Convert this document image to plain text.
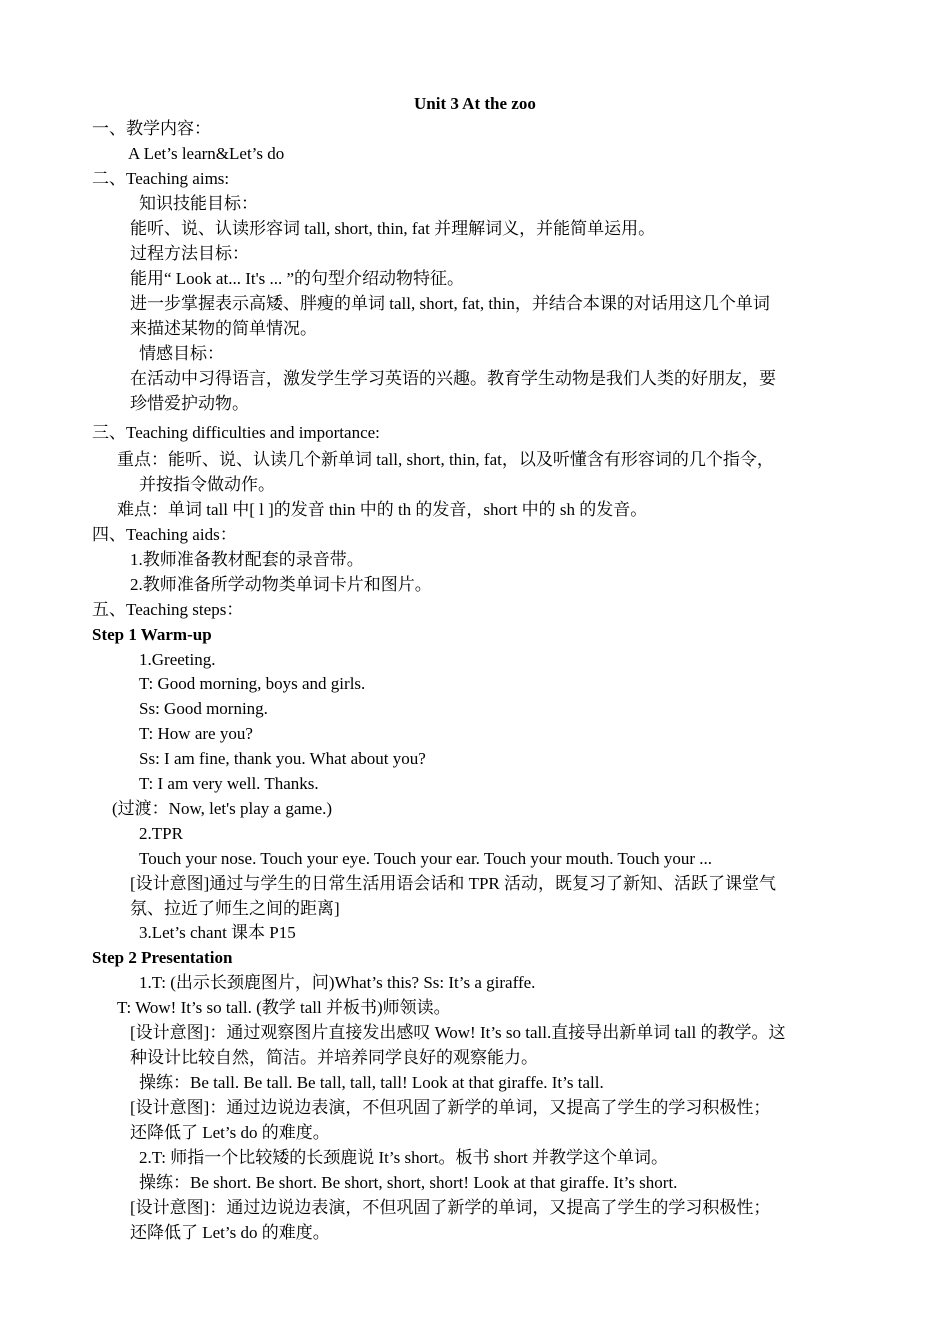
Unit 3 At the zoo
一、教学内容：
A Let’s learn&Let’s do
二、Teaching aims:
知识技能目标：
能听、说、认读形容词 tall, short, thin, fat 并理解词义，并能简单运用。
过程方法目标：
能用“ Look at... It's ... ”的句型介绍动物特征。
进一步掌握表示高矮、胖瘦的单词 tall, short, fat, thin，并结合本课的对话用这几个单词
来描述某物的简单情况。
情感目标：
在活动中习得语言，激发学生学习英语的兴趣。教育学生动物是我们人类的好朋友，要
珍惜爱护动物。
三、Teaching difficulties and importance:
重点：能听、说、认读几个新单词 tall, short, thin, fat，以及听懂含有形容词的几个指令，
并按指令做动作。
难点：单词 tall 中[ l ]的发音 thin 中的 th 的发音，short 中的 sh 的发音。
四、Teaching aids：
1.教师准备教材配套的录音带。
2.教师准备所学动物类单词卡片和图片。
五、Teaching steps：
Step 1 Warm-up
1.Greeting.
T: Good morning, boys and girls.
Ss: Good morning.
T: How are you?
Ss: I am fine, thank you. What about you?
T: I am very well. Thanks.
(过渡：Now, let's play a game.)
2.TPR
Touch your nose. Touch your eye. Touch your ear. Touch your mouth. Touch your ...
[设计意图]通过与学生的日常生活用语会话和 TPR 活动，既复习了新知、活跃了课堂气
氛、拉近了师生之间的距离]
3.Let’s chant 课本 P15
Step 2 Presentation
1.T: (出示长颈鹿图片，问)What’s this? Ss: It’s a giraffe.
T: Wow! It’s so tall. (教学 tall 并板书)师领读。
[设计意图]：通过观察图片直接发出感叹 Wow! It’s so tall.直接导出新单词 tall 的教学。这
种设计比较自然，简洁。并培养同学良好的观察能力。
操练：Be tall. Be tall. Be tall, tall, tall! Look at that giraffe. It’s tall.
[设计意图]：通过边说边表演，不但巩固了新学的单词，又提高了学生的学习积极性；
还降低了 Let’s do 的难度。
2.T: 师指一个比较矮的长颈鹿说 It’s short。板书 short 并教学这个单词。
操练：Be short. Be short. Be short, short, short! Look at that giraffe. It’s short.
[设计意图]：通过边说边表演，不但巩固了新学的单词，又提高了学生的学习积极性；
还降低了 Let’s do 的难度。
